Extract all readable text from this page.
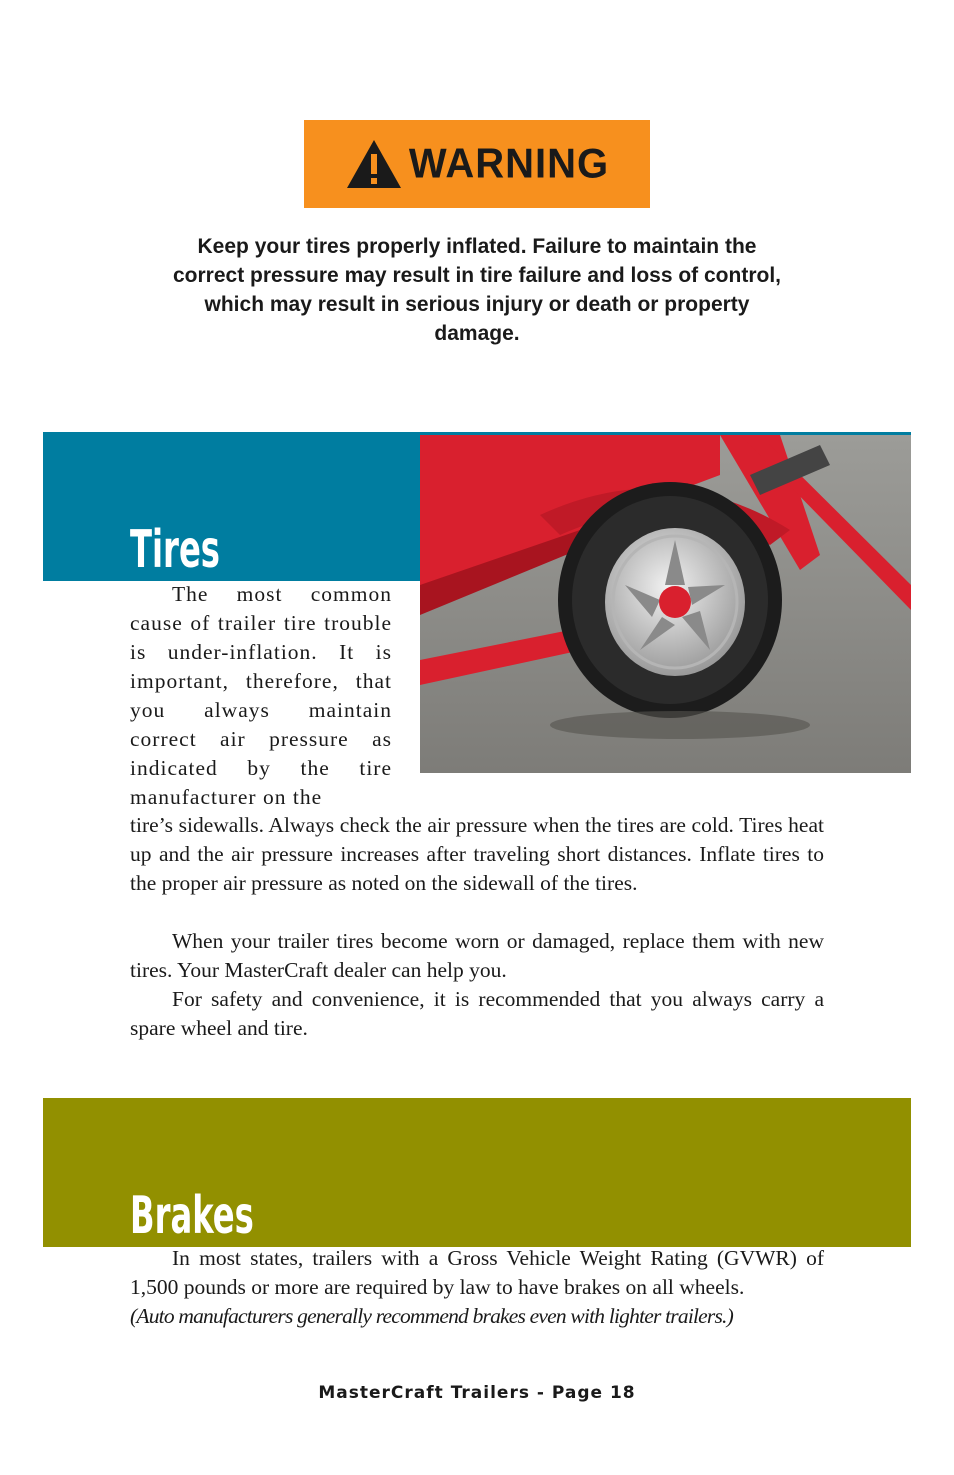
WARNING

Keep your tires properly inflated. Failure to maintain the correct pressure may result in tire failure and loss of control, which may result in serious injury or death or property damage.

Tires

The most common cause of trailer tire trouble is under-inflation. It is important, therefore, that you always maintain correct air pressure as indicated by the tire manufacturer on the

tire’s sidewalls. Always check the air pressure when the tires are cold. Tires heat up and the air pressure increases after traveling short distances. Inflate tires to the proper air pressure as noted on the sidewall of the tires.

When your trailer tires become worn or damaged, replace them with new tires. Your MasterCraft dealer can help you.

For safety and convenience, it is recommended that you always carry a spare wheel and tire.

Brakes

In most states, trailers with a Gross Vehicle Weight Rating (GVWR) of 1,500 pounds or more are required by law to have brakes on all wheels.

(Auto manufacturers generally recommend brakes even with lighter trailers.)

MasterCraft Trailers - Page 18
